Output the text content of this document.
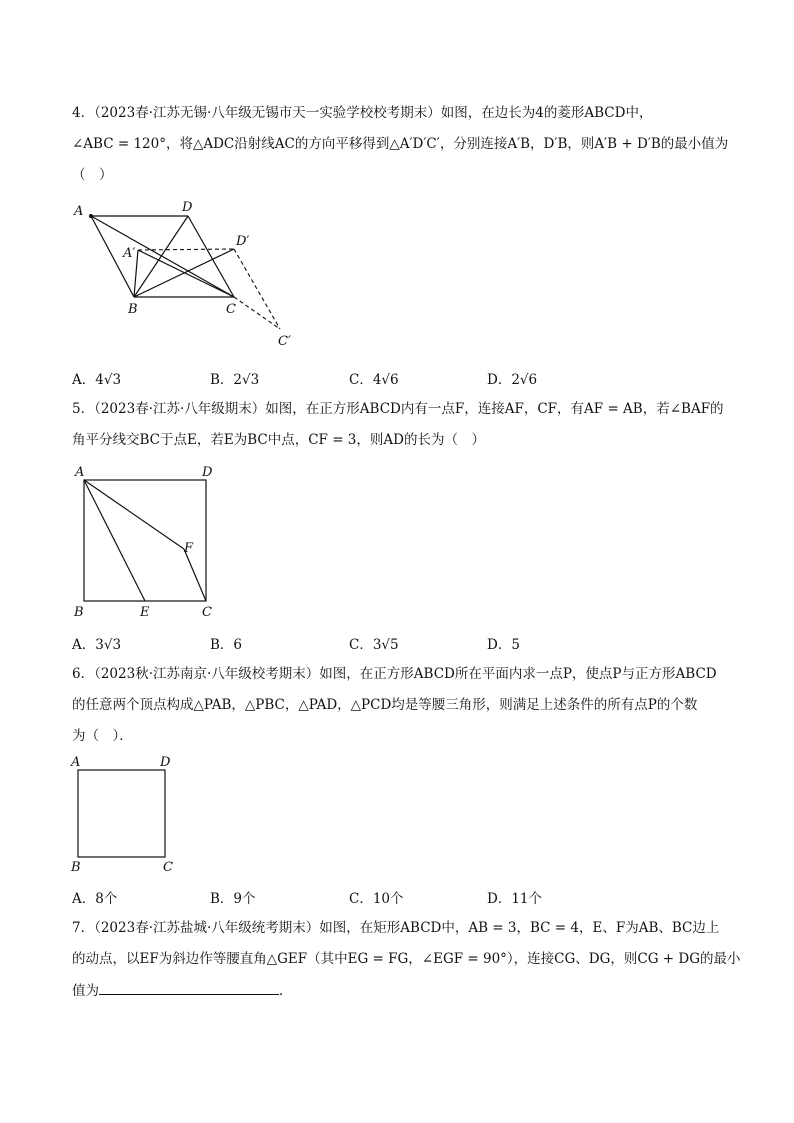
4．（2023春·江苏无锡·八年级无锡市天一实验学校校考期末）如图，在边长为4的菱形ABCD中，
∠ABC = 120°，将△ADC沿射线AC的方向平移得到△A′D′C′，分别连接A′B，D′B，则A′B + D′B的最小值为
（　）
A	D
A′
D′
B	C
C′
A．4√3	B．2√3	C．4√6	D．2√6
5．（2023春·江苏·八年级期末）如图，在正方形ABCD内有一点F，连接AF，CF，有AF = AB，若∠BAF的
角平分线交BC于点E，若E为BC中点，CF = 3，则AD的长为（　）
A	D
F
B	E	C
A．3√3	B．6	C．3√5	D．5
6．（2023秋·江苏南京·八年级校考期末）如图，在正方形ABCD所在平面内求一点P，使点P与正方形ABCD
的任意两个顶点构成△PAB，△PBC，△PAD，△PCD均是等腰三角形，则满足上述条件的所有点P的个数
为（　）．
A	D
B	C
A．8个	B．9个	C．10个	D．11个
7．（2023春·江苏盐城·八年级统考期末）如图，在矩形ABCD中，AB = 3，BC = 4，E、F为AB、BC边上
的动点，以EF为斜边作等腰直角△GEF（其中EG = FG，∠EGF = 90°），连接CG、DG，则CG + DG的最小
值为	．
